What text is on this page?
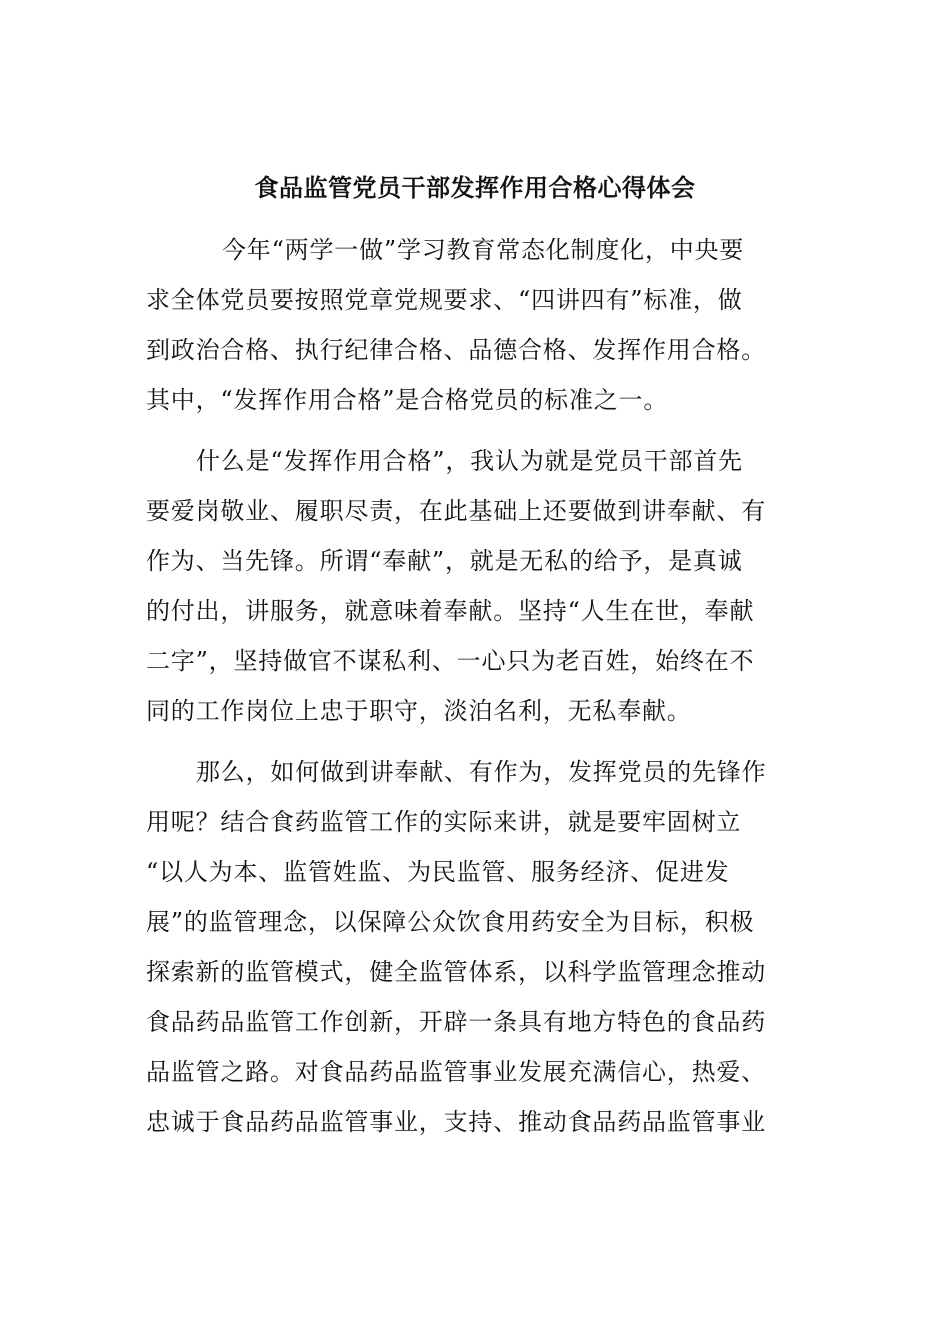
食品监管党员干部发挥作用合格心得体会
今年“两学一做”学习教育常态化制度化，中央要
求全体党员要按照党章党规要求、“四讲四有”标准，做
到政治合格、执行纪律合格、品德合格、发挥作用合格。
其中，“发挥作用合格”是合格党员的标准之一。
什么是“发挥作用合格”，我认为就是党员干部首先
要爱岗敬业、履职尽责，在此基础上还要做到讲奉献、有
作为、当先锋。所谓“奉献”，就是无私的给予，是真诚
的付出，讲服务，就意味着奉献。坚持“人生在世，奉献
二字”，坚持做官不谋私利、一心只为老百姓，始终在不
同的工作岗位上忠于职守，淡泊名利，无私奉献。
那么，如何做到讲奉献、有作为，发挥党员的先锋作
用呢？结合食药监管工作的实际来讲，就是要牢固树立
“以人为本、监管姓监、为民监管、服务经济、促进发
展”的监管理念，以保障公众饮食用药安全为目标，积极
探索新的监管模式，健全监管体系，以科学监管理念推动
食品药品监管工作创新，开辟一条具有地方特色的食品药
品监管之路。对食品药品监管事业发展充满信心，热爱、
忠诚于食品药品监管事业，支持、推动食品药品监管事业
